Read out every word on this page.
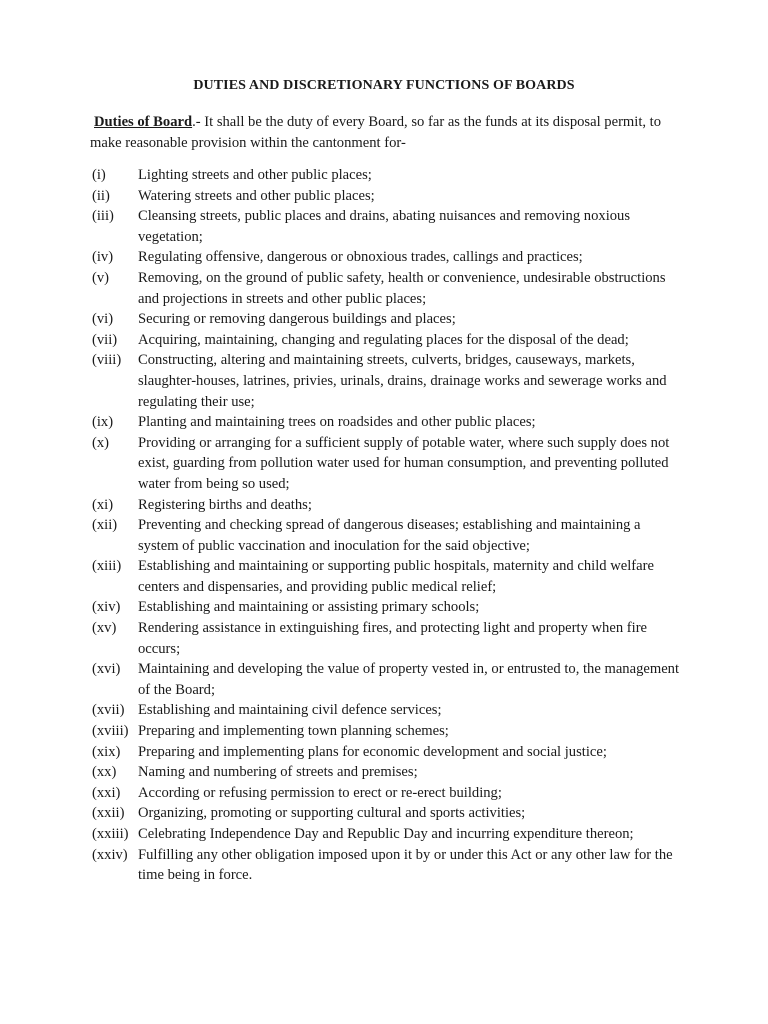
DUTIES AND DISCRETIONARY FUNCTIONS OF BOARDS
Duties of Board.- It shall be the duty of every Board, so far as the funds at its disposal permit, to make reasonable provision within the cantonment for-
(i)	Lighting streets and other public places;
(ii)	Watering streets and other public places;
(iii)	Cleansing streets, public places and drains, abating nuisances and removing noxious vegetation;
(iv)	Regulating offensive, dangerous or obnoxious trades, callings and practices;
(v)	Removing, on the ground of public safety, health or convenience, undesirable obstructions and projections in streets and other public places;
(vi)	Securing or removing dangerous buildings and places;
(vii)	Acquiring, maintaining, changing and regulating places for the disposal of the dead;
(viii)	Constructing, altering and maintaining streets, culverts, bridges, causeways, markets, slaughter-houses, latrines, privies, urinals, drains, drainage works and sewerage works and regulating their use;
(ix)	Planting and maintaining trees on roadsides and other public places;
(x)	Providing or arranging for a sufficient supply of potable water, where such supply does not exist, guarding from pollution water used for human consumption, and preventing polluted water from being so used;
(xi)	Registering births and deaths;
(xii)	Preventing and checking spread of dangerous diseases; establishing and maintaining a system of public vaccination and inoculation for the said objective;
(xiii)	Establishing and maintaining or supporting public hospitals, maternity and child welfare centers and dispensaries, and providing public medical relief;
(xiv)	Establishing and maintaining or assisting primary schools;
(xv)	Rendering assistance in extinguishing fires, and protecting light and property when fire occurs;
(xvi)	Maintaining and developing the value of property vested in, or entrusted to, the management of the Board;
(xvii) Establishing and maintaining civil defence services;
(xviii) Preparing and implementing town planning schemes;
(xix)	Preparing and implementing plans for economic development and social justice;
(xx)	Naming and numbering of streets and premises;
(xxi)	According or refusing permission to erect or re-erect building;
(xxii) Organizing, promoting or supporting cultural and sports activities;
(xxiii) Celebrating Independence Day and Republic Day and incurring expenditure thereon;
(xxiv) Fulfilling any other obligation imposed upon it by or under this Act or any other law for the time being in force.
